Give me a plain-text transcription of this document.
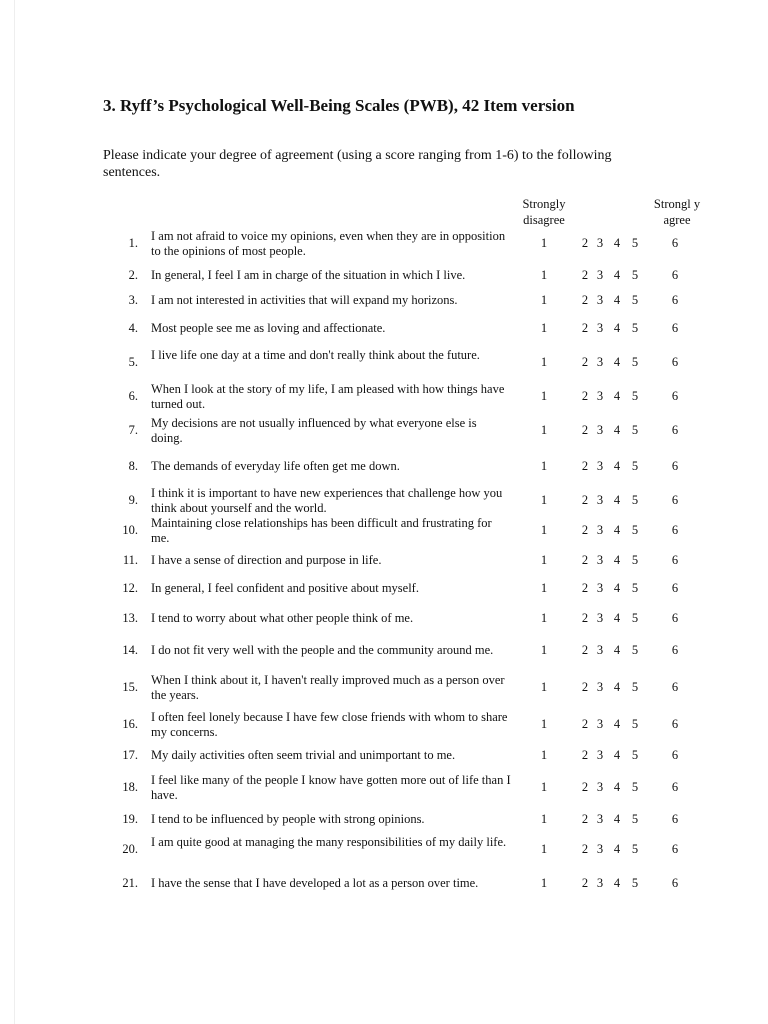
3. Ryff’s Psychological Well-Being Scales (PWB), 42 Item version
Please indicate your degree of agreement (using a score ranging from 1-6) to the following sentences.
Strongly disagree
Strongl y agree
1. I am not afraid to voice my opinions, even when they are in opposition to the opinions of most people.
1	2 3 4 5	6
2. In general, I feel I am in charge of the situation in which I live.	1	2 3 4 5	6
3. I am not interested in activities that will expand my horizons.	1	2 3 4 5	6
4. Most people see me as loving and affectionate.	1	2 3 4 5	6
5. I live life one day at a time and don't really think about the future.	1	2 3 4 5	6
6. When I look at the story of my life, I am pleased with how things have turned out.
1	2 3 4 5	6
7. My decisions are not usually influenced by what everyone else is doing.
1	2 3 4 5	6
8. The demands of everyday life often get me down.	1	2 3 4 5	6
9. I think it is important to have new experiences that challenge how you think about yourself and the world.
1	2 3 4 5	6
10. Maintaining close relationships has been difficult and frustrating for me.
1	2 3 4 5	6
11. I have a sense of direction and purpose in life.	1	2 3 4 5	6
12. In general, I feel confident and positive about myself.	1	2 3 4 5	6
13. I tend to worry about what other people think of me.	1	2 3 4 5	6
14. I do not fit very well with the people and the community around me.	1	2 3 4 5	6
15. When I think about it, I haven't really improved much as a person over the years.
1	2 3 4 5	6
16. I often feel lonely because I have few close friends with whom to share my concerns.
1	2 3 4 5	6
17. My daily activities often seem trivial and unimportant to me.	1	2 3 4 5	6
18. I feel like many of the people I know have gotten more out of life than I have.
1	2 3 4 5	6
19. I tend to be influenced by people with strong opinions.	1	2 3 4 5	6
20. I am quite good at managing the many responsibilities of my daily life.	1	2 3 4 5	6
21. I have the sense that I have developed a lot as a person over time.	1	2 3 4 5	6
